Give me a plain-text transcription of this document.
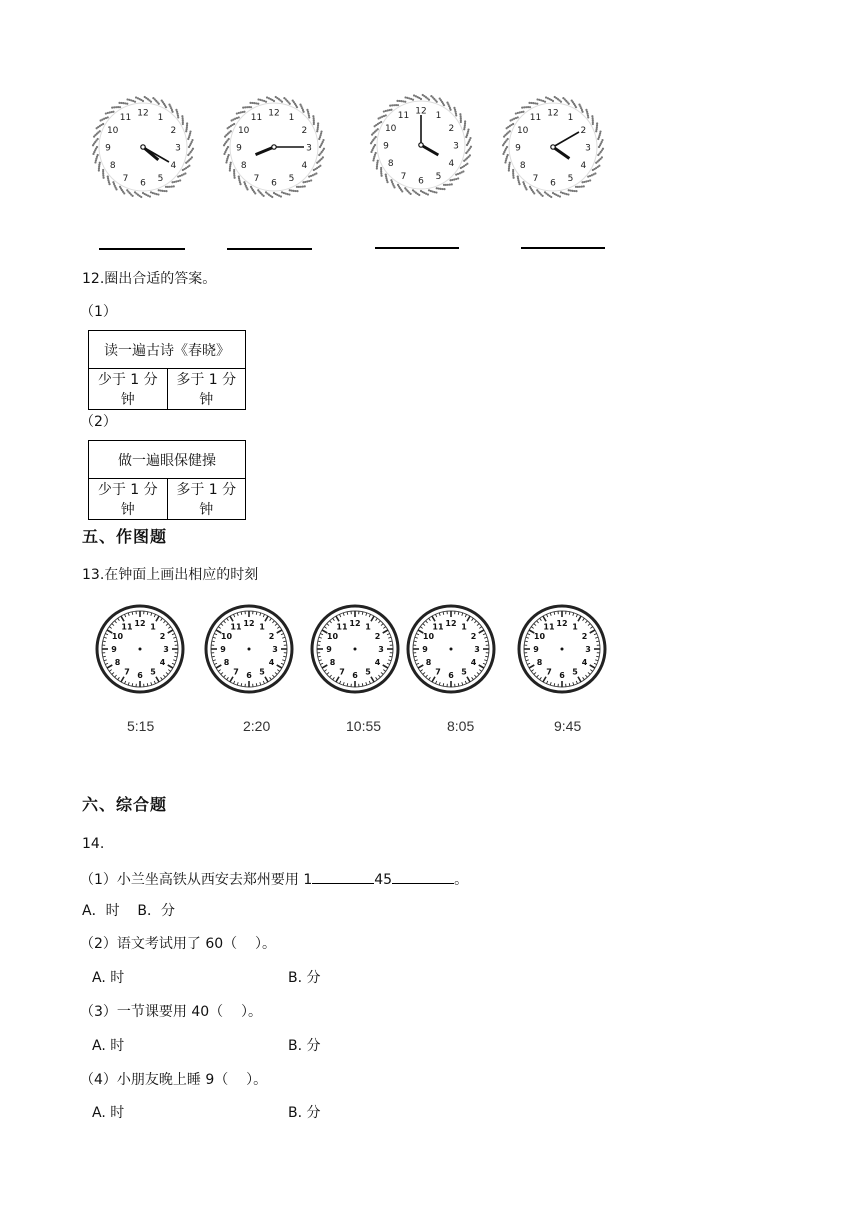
1
2
3
4
5
6
7
8
9
10
11 12	1
2
3
4
5
6
7
8
9
10
11 12	1
2
3
4
5
6
7
8
9
10
11 12
1
2
3
4
5
6
7
8
9
10
11 12
12.圈出合适的答案。
（1）
读一遍古诗《春晓》
少于 1 分钟	多于 1 分钟
（2）
做一遍眼保健操
少于 1 分钟	多于 1 分钟
五、作图题
13.在钟面上画出相应的时刻
1
2
3
4
5
6
7
8
9
10
11 12	1
2
3
4
5
6
7
8
9
10
11 12	1
2
3
4
5
6
7
8
9
10
11 12	1
2
3
4
5
6
7
8
9
10
11 12	1
2
3
4
5
6
7
8
9
10
11 12
5:15	2:20	10:55	8:05	9:45
六、综合题
14.
（1）小兰坐高铁从西安去郑州要用 1	45	。
A．时    B．分
（2）语文考试用了 60（    ）。
A. 时	B. 分
（3）一节课要用 40（    ）。
A. 时	B. 分
（4）小朋友晚上睡 9（    ）。
A. 时	B. 分
